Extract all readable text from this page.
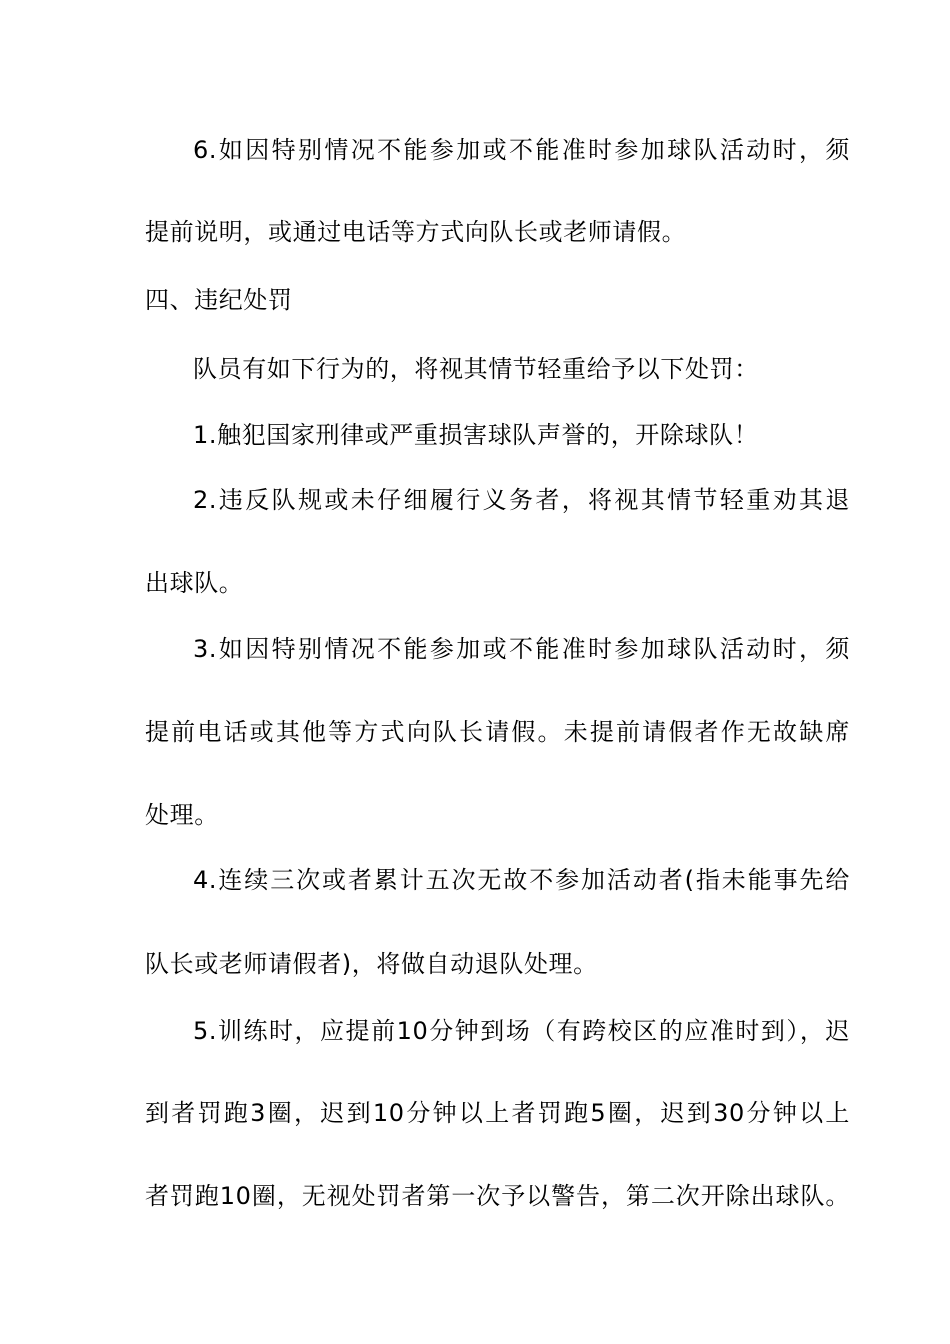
6.如因特别情况不能参加或不能准时参加球队活动时，须
提前说明，或通过电话等方式向队长或老师请假。
四、违纪处罚
队员有如下行为的，将视其情节轻重给予以下处罚：
1.触犯国家刑律或严重损害球队声誉的，开除球队！
2.违反队规或未仔细履行义务者，将视其情节轻重劝其退
出球队。
3.如因特别情况不能参加或不能准时参加球队活动时，须
提前电话或其他等方式向队长请假。未提前请假者作无故缺席
处理。
4.连续三次或者累计五次无故不参加活动者(指未能事先给
队长或老师请假者)，将做自动退队处理。
5.训练时，应提前10分钟到场（有跨校区的应准时到），迟
到者罚跑3圈，迟到10分钟以上者罚跑5圈，迟到30分钟以上
者罚跑10圈，无视处罚者第一次予以警告，第二次开除出球队。
